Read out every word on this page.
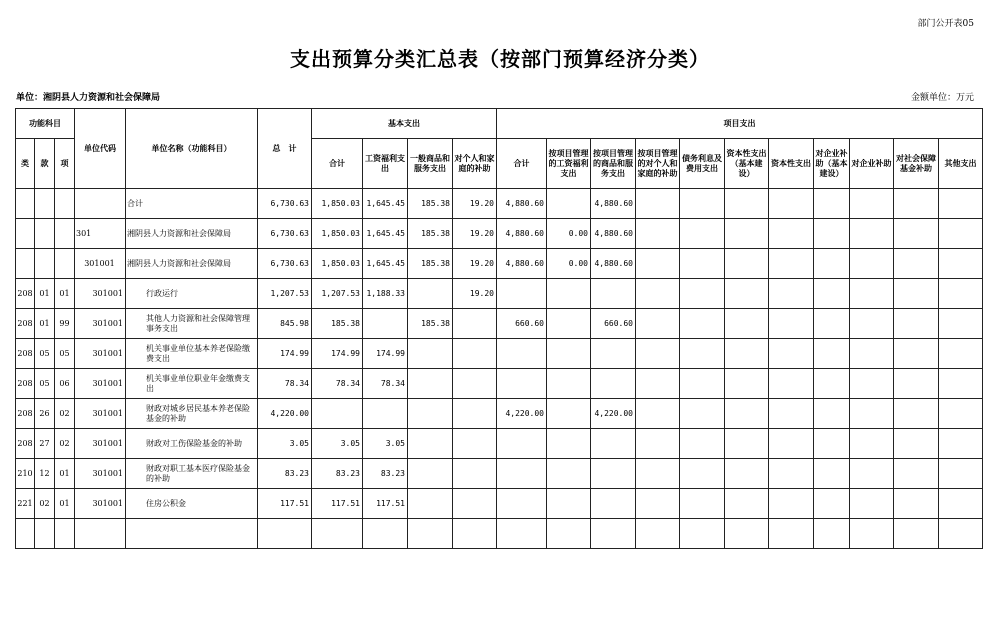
部门公开表05
支出预算分类汇总表（按部门预算经济分类）
单位：湘阴县人力资源和社会保障局	金额单位：万元
功能科目			单位代码	单位名称（功能科目）	总　计	基本支出				项目支出										
类	款	项				合计	工资福利支出	一般商品和服务支出	对个人和家庭的补助	合计	按项目管理的工资福利支出	按项目管理的商品和服务支出	按项目管理的对个人和家庭的补助	债务利息及费用支出	资本性支出（基本建设）	资本性支出	对企业补助（基本建设）	对企业补助	对社会保障基金补助	其他支出
				合计	6,730.63	1,850.03	1,645.45	185.38	19.20	4,880.60		4,880.60								
			301	湘阴县人力资源和社会保障局	6,730.63	1,850.03	1,645.45	185.38	19.20	4,880.60	0.00	4,880.60								
			301001	湘阴县人力资源和社会保障局	6,730.63	1,850.03	1,645.45	185.38	19.20	4,880.60	0.00	4,880.60								
208	01	01	301001	行政运行	1,207.53	1,207.53	1,188.33		19.20											
208	01	99	301001	其他人力资源和社会保障管理事务支出	845.98	185.38		185.38		660.60		660.60								
208	05	05	301001	机关事业单位基本养老保险缴费支出	174.99	174.99	174.99													
208	05	06	301001	机关事业单位职业年金缴费支出	78.34	78.34	78.34													
208	26	02	301001	财政对城乡居民基本养老保险基金的补助	4,220.00					4,220.00		4,220.00								
208	27	02	301001	财政对工伤保险基金的补助	3.05	3.05	3.05													
210	12	01	301001	财政对职工基本医疗保险基金的补助	83.23	83.23	83.23													
221	02	01	301001	住房公积金	117.51	117.51	117.51													
